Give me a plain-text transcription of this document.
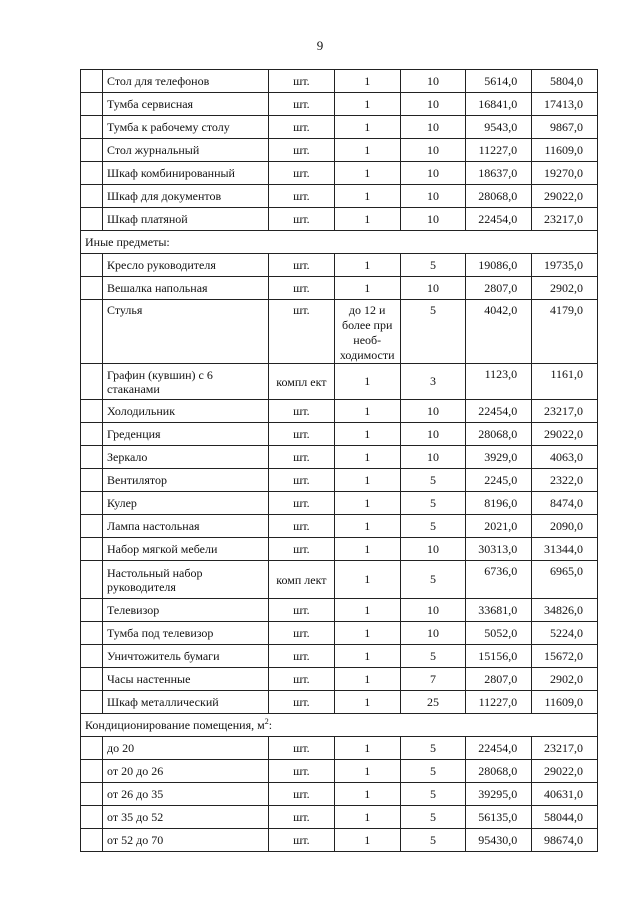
9
	Стол для телефонов	шт.	1	10	5614,0	5804,0
	Тумба сервисная	шт.	1	10	16841,0	17413,0
	Тумба к рабочему столу	шт.	1	10	9543,0	9867,0
	Стол журнальный	шт.	1	10	11227,0	11609,0
	Шкаф комбинированный	шт.	1	10	18637,0	19270,0
	Шкаф для документов	шт.	1	10	28068,0	29022,0
	Шкаф платяной	шт.	1	10	22454,0	23217,0
Иные предметы:						
	Кресло руководителя	шт.	1	5	19086,0	19735,0
	Вешалка напольная	шт.	1	10	2807,0	2902,0
	Стулья	шт.	до 12 и более при необ-ходимости	5	4042,0	4179,0
	Графин (кувшин) с 6 стаканами	компл ект	1	3	1123,0	1161,0
	Холодильник	шт.	1	10	22454,0	23217,0
	Греденция	шт.	1	10	28068,0	29022,0
	Зеркало	шт.	1	10	3929,0	4063,0
	Вентилятор	шт.	1	5	2245,0	2322,0
	Кулер	шт.	1	5	8196,0	8474,0
	Лампа настольная	шт.	1	5	2021,0	2090,0
	Набор мягкой мебели	шт.	1	10	30313,0	31344,0
	Настольный набор руководителя	комп лект	1	5	6736,0	6965,0
	Телевизор	шт.	1	10	33681,0	34826,0
	Тумба под телевизор	шт.	1	10	5052,0	5224,0
	Уничтожитель бумаги	шт.	1	5	15156,0	15672,0
	Часы настенные	шт.	1	7	2807,0	2902,0
	Шкаф металлический	шт.	1	25	11227,0	11609,0
Кондиционирование помещения, $м^2$:						
	до 20	шт.	1	5	22454,0	23217,0
	от 20 до 26	шт.	1	5	28068,0	29022,0
	от 26 до 35	шт.	1	5	39295,0	40631,0
	от 35 до 52	шт.	1	5	56135,0	58044,0
	от 52 до 70	шт.	1	5	95430,0	98674,0
